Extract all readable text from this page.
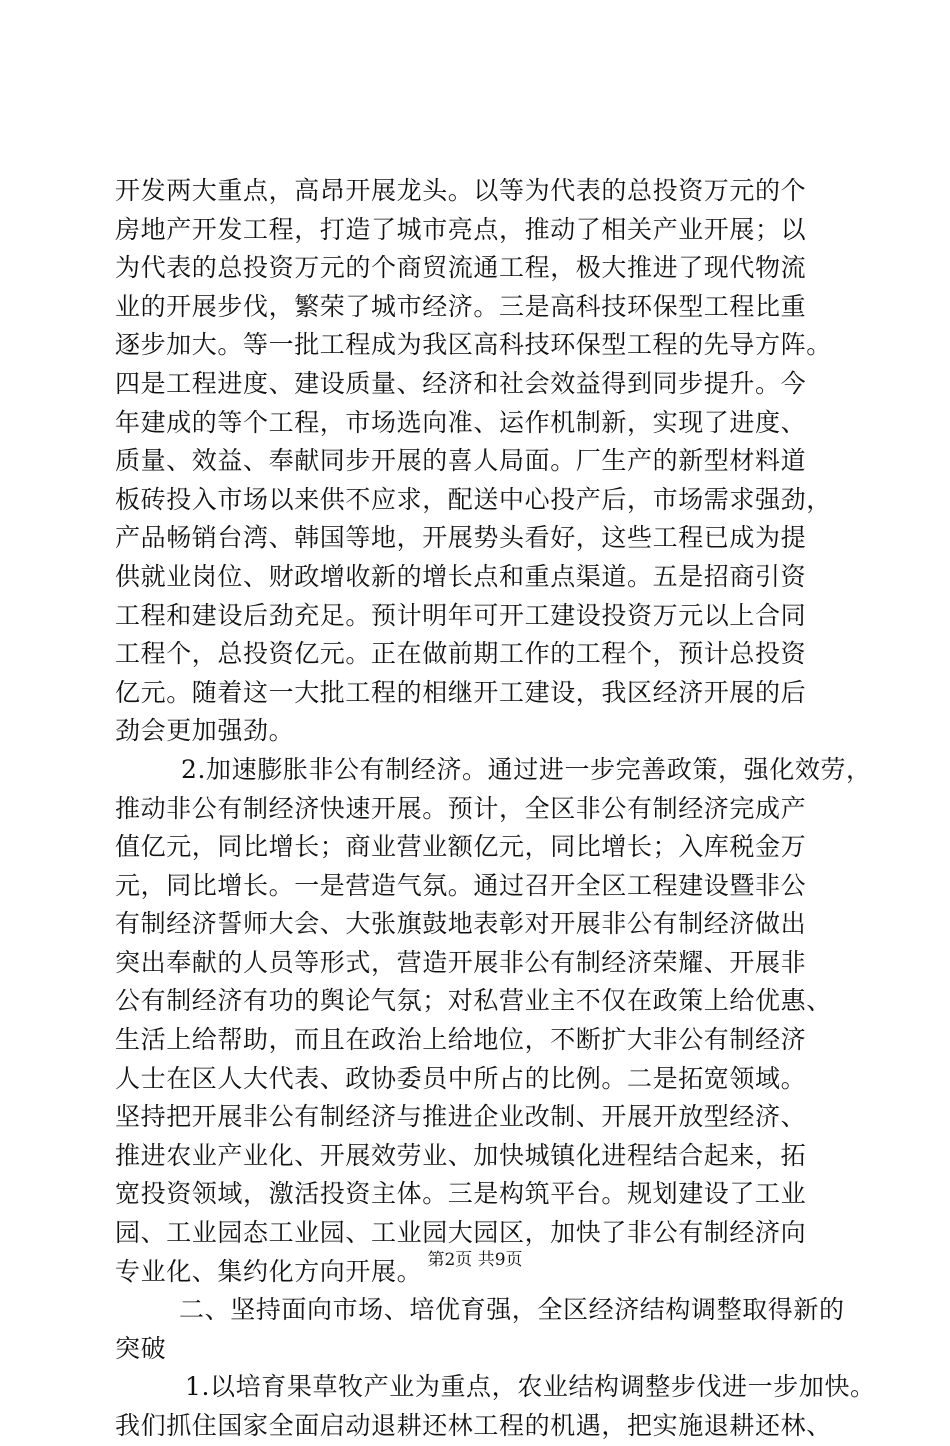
开发两大重点，高昂开展龙头。以等为代表的总投资万元的个
房地产开发工程，打造了城市亮点，推动了相关产业开展；以
为代表的总投资万元的个商贸流通工程，极大推进了现代物流
业的开展步伐，繁荣了城市经济。三是高科技环保型工程比重
逐步加大。等一批工程成为我区高科技环保型工程的先导方阵。
四是工程进度、建设质量、经济和社会效益得到同步提升。今
年建成的等个工程，市场选向准、运作机制新，实现了进度、
质量、效益、奉献同步开展的喜人局面。厂生产的新型材料道
板砖投入市场以来供不应求，配送中心投产后，市场需求强劲，
产品畅销台湾、韩国等地，开展势头看好，这些工程已成为提
供就业岗位、财政增收新的增长点和重点渠道。五是招商引资
工程和建设后劲充足。预计明年可开工建设投资万元以上合同
工程个，总投资亿元。正在做前期工作的工程个，预计总投资
亿元。随着这一大批工程的相继开工建设，我区经济开展的后
劲会更加强劲。
2.加速膨胀非公有制经济。通过进一步完善政策，强化效劳，
推动非公有制经济快速开展。预计，全区非公有制经济完成产
值亿元，同比增长；商业营业额亿元，同比增长；入库税金万
元，同比增长。一是营造气氛。通过召开全区工程建设暨非公
有制经济誓师大会、大张旗鼓地表彰对开展非公有制经济做出
突出奉献的人员等形式，营造开展非公有制经济荣耀、开展非
公有制经济有功的舆论气氛；对私营业主不仅在政策上给优惠、
生活上给帮助，而且在政治上给地位，不断扩大非公有制经济
人士在区人大代表、政协委员中所占的比例。二是拓宽领域。
坚持把开展非公有制经济与推进企业改制、开展开放型经济、
推进农业产业化、开展效劳业、加快城镇化进程结合起来，拓
宽投资领域，激活投资主体。三是构筑平台。规划建设了工业
园、工业园态工业园、工业园大园区，加快了非公有制经济向
专业化、集约化方向开展。
二、坚持面向市场、培优育强，全区经济结构调整取得新的
突破
1.以培育果草牧产业为重点，农业结构调整步伐进一步加快。
我们抓住国家全面启动退耕还林工程的机遇，把实施退耕还林、
第2页 共9页
